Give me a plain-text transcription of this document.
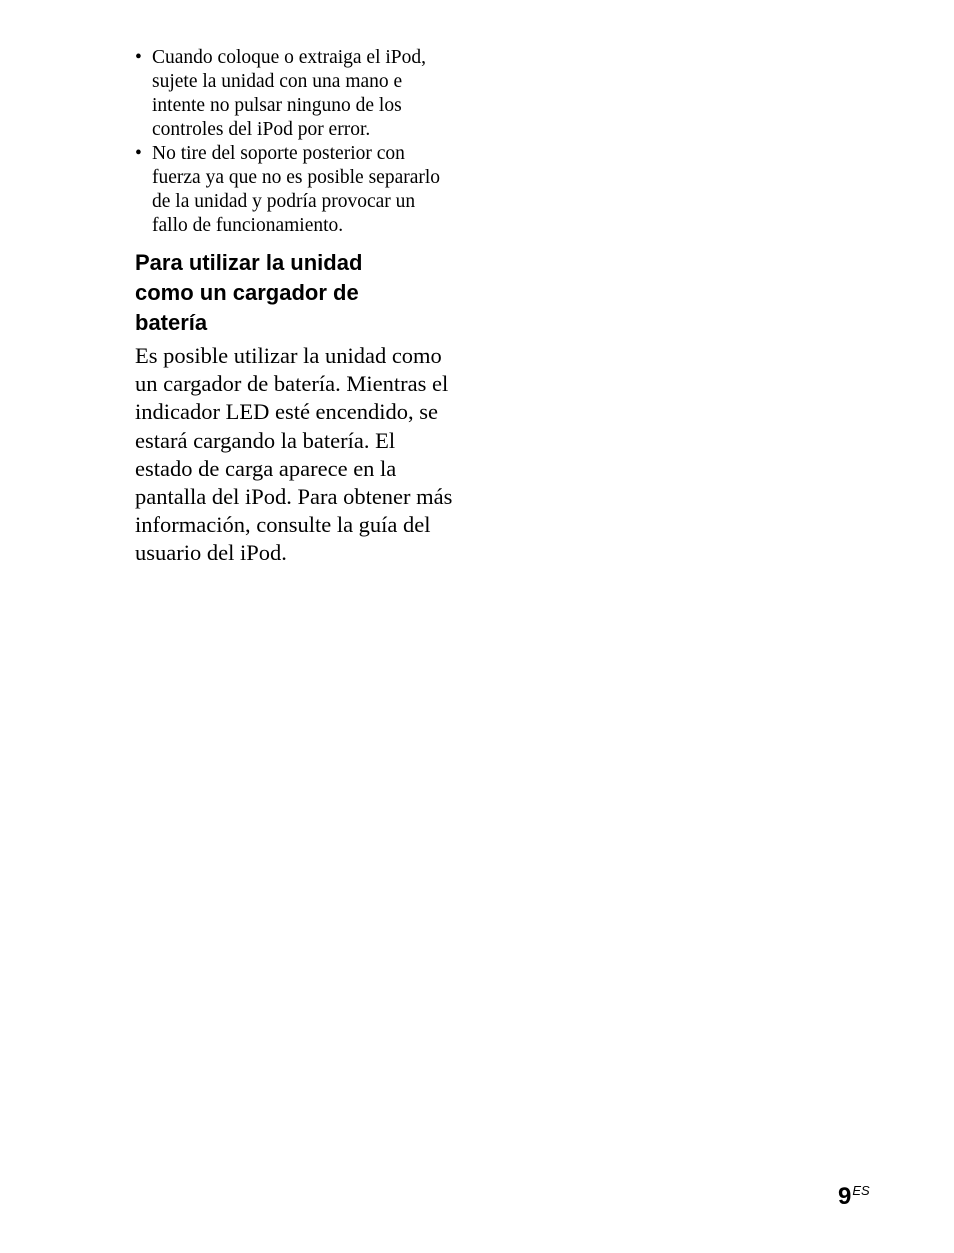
• Cuando coloque o extraiga el iPod,
sujete la unidad con una mano e
intente no pulsar ninguno de los
controles del iPod por error.
• No tire del soporte posterior con
fuerza ya que no es posible separarlo
de la unidad y podría provocar un
fallo de funcionamiento.
Para utilizar la unidad
como un cargador de
batería
Es posible utilizar la unidad como
un cargador de batería. Mientras el
indicador LED esté encendido, se
estará cargando la batería. El
estado de carga aparece en la
pantalla del iPod. Para obtener más
información, consulte la guía del
usuario del iPod.
$9^{ES}$
